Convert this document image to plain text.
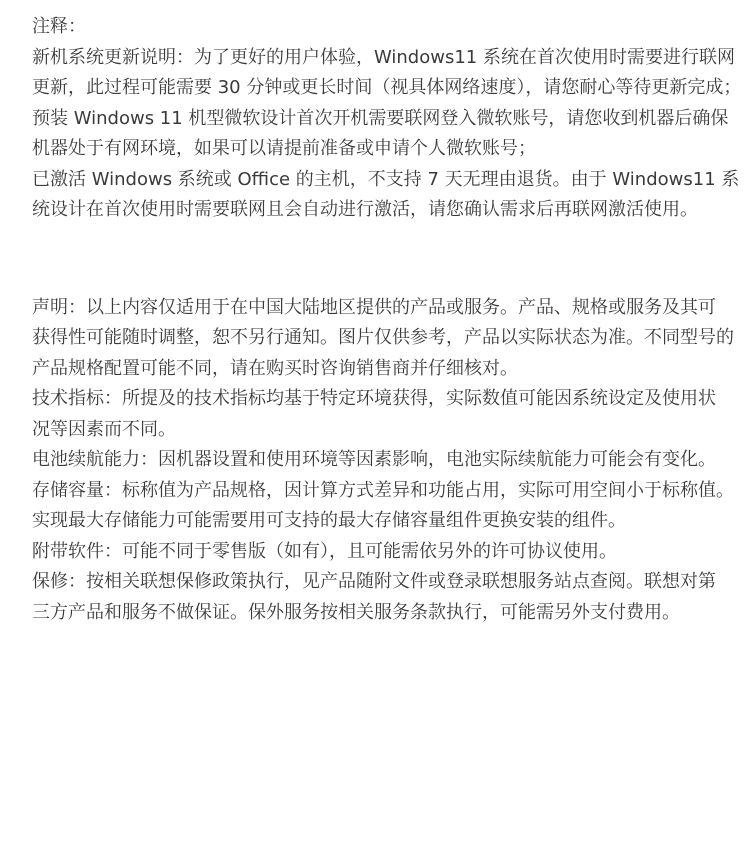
注释：
新机系统更新说明：为了更好的用户体验，Windows11 系统在首次使用时需要进行联网
更新，此过程可能需要 30 分钟或更长时间（视具体网络速度），请您耐心等待更新完成；
预装 Windows 11 机型微软设计首次开机需要联网登入微软账号，请您收到机器后确保
机器处于有网环境，如果可以请提前准备或申请个人微软账号；
已激活 Windows 系统或 Office 的主机，不支持 7 天无理由退货。由于 Windows11 系
统设计在首次使用时需要联网且会自动进行激活，请您确认需求后再联网激活使用。
声明：以上内容仅适用于在中国大陆地区提供的产品或服务。产品、规格或服务及其可
获得性可能随时调整，恕不另行通知。图片仅供参考，产品以实际状态为准。不同型号的
产品规格配置可能不同，请在购买时咨询销售商并仔细核对。
技术指标：所提及的技术指标均基于特定环境获得，实际数值可能因系统设定及使用状
况等因素而不同。
电池续航能力：因机器设置和使用环境等因素影响，电池实际续航能力可能会有变化。
存储容量：标称值为产品规格，因计算方式差异和功能占用，实际可用空间小于标称值。
实现最大存储能力可能需要用可支持的最大存储容量组件更换安装的组件。
附带软件：可能不同于零售版（如有），且可能需依另外的许可协议使用。
保修：按相关联想保修政策执行，见产品随附文件或登录联想服务站点查阅。联想对第
三方产品和服务不做保证。保外服务按相关服务条款执行，可能需另外支付费用。
